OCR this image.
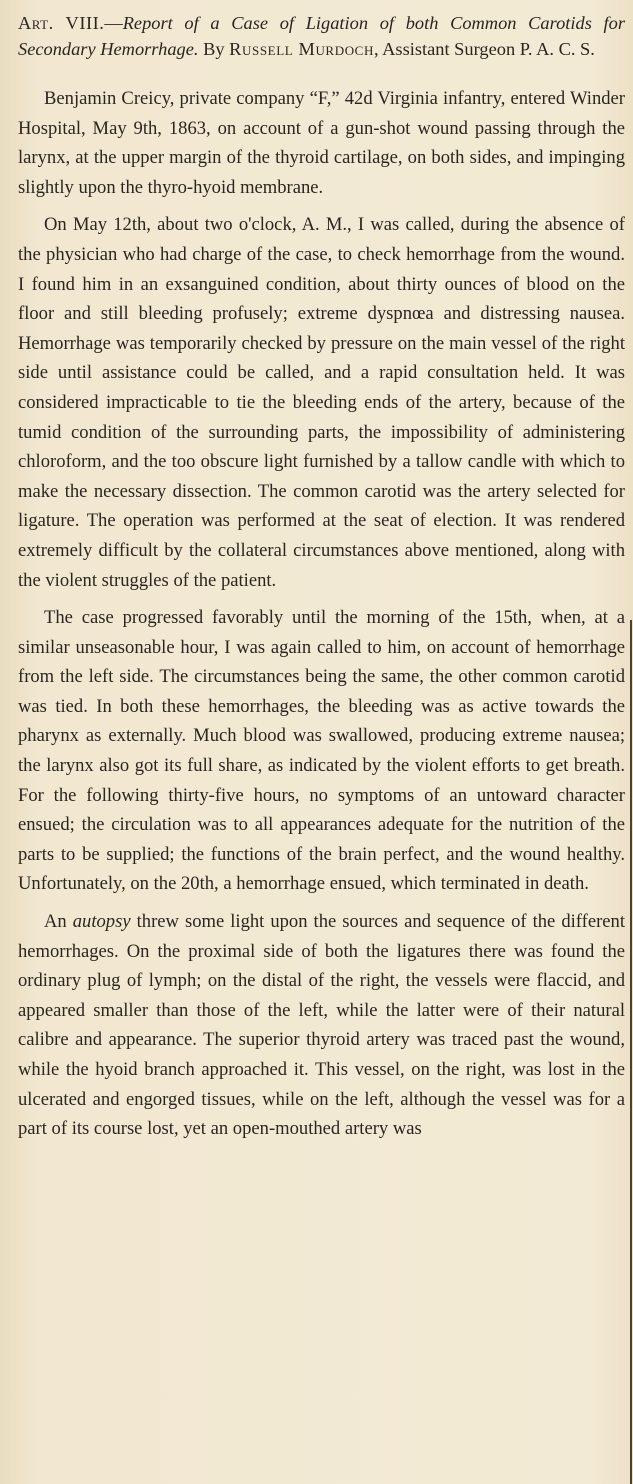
Art. VIII.—Report of a Case of Ligation of both Common Carotids for Secondary Hemorrhage. By Russell Murdoch, Assistant Surgeon P. A. C. S.

Benjamin Creicy, private company “F,” 42d Virginia infantry, entered Winder Hospital, May 9th, 1863, on account of a gun-shot wound passing through the larynx, at the upper margin of the thyroid cartilage, on both sides, and impinging slightly upon the thyro-hyoid membrane.

On May 12th, about two o'clock, A. M., I was called, during the absence of the physician who had charge of the case, to check hemorrhage from the wound. I found him in an exsanguined condition, about thirty ounces of blood on the floor and still bleeding profusely; extreme dyspnœa and distressing nausea. Hemorrhage was temporarily checked by pressure on the main vessel of the right side until assistance could be called, and a rapid consultation held. It was considered impracticable to tie the bleeding ends of the artery, because of the tumid condition of the surrounding parts, the impossibility of administering chloroform, and the too obscure light furnished by a tallow candle with which to make the necessary dissection. The common carotid was the artery selected for ligature. The operation was performed at the seat of election. It was rendered extremely difficult by the collateral circumstances above mentioned, along with the violent struggles of the patient.

The case progressed favorably until the morning of the 15th, when, at a similar unseasonable hour, I was again called to him, on account of hemorrhage from the left side. The circumstances being the same, the other common carotid was tied. In both these hemorrhages, the bleeding was as active towards the pharynx as externally. Much blood was swallowed, producing extreme nausea; the larynx also got its full share, as indicated by the violent efforts to get breath. For the following thirty-five hours, no symptoms of an untoward character ensued; the circulation was to all appearances adequate for the nutrition of the parts to be supplied; the functions of the brain perfect, and the wound healthy. Unfortunately, on the 20th, a hemorrhage ensued, which terminated in death.

An autopsy threw some light upon the sources and sequence of the different hemorrhages. On the proximal side of both the ligatures there was found the ordinary plug of lymph; on the distal of the right, the vessels were flaccid, and appeared smaller than those of the left, while the latter were of their natural calibre and appearance. The superior thyroid artery was traced past the wound, while the hyoid branch approached it. This vessel, on the right, was lost in the ulcerated and engorged tissues, while on the left, although the vessel was for a part of its course lost, yet an open-mouthed artery was
